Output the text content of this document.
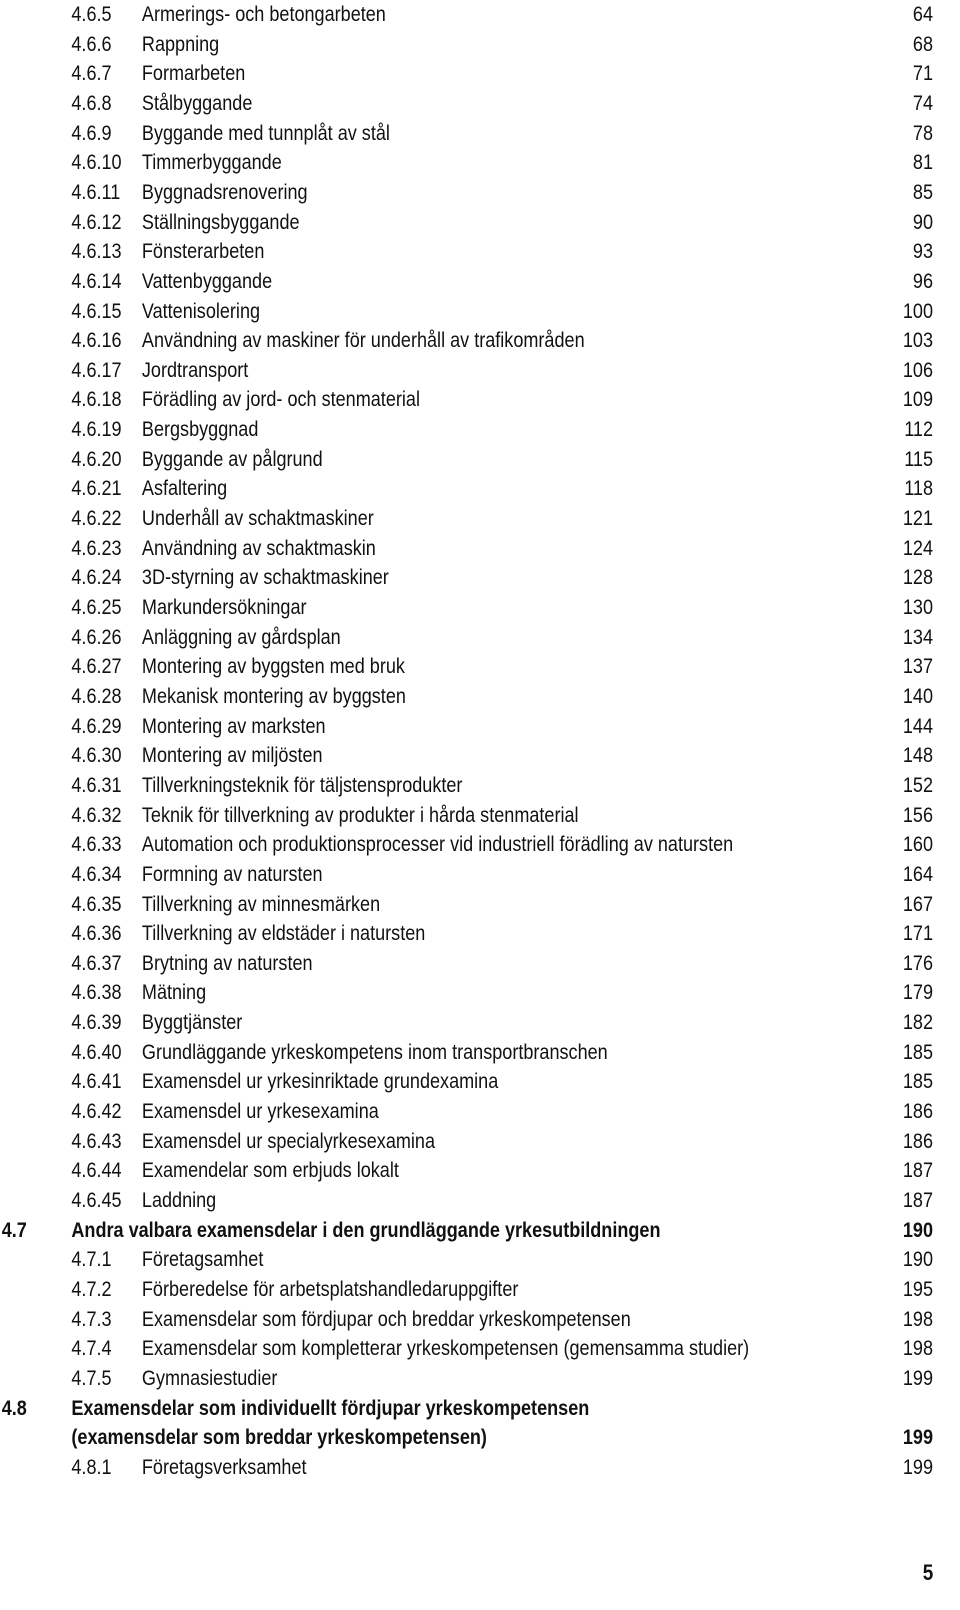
4.6.5 Armerings- och betongarbeten	64
4.6.6 Rappning	68
4.6.7 Formarbeten	71
4.6.8 Stålbyggande	74
4.6.9 Byggande med tunnplåt av stål	78
4.6.10 Timmerbyggande	81
4.6.11 Byggnadsrenovering	85
4.6.12 Ställningsbyggande	90
4.6.13 Fönsterarbeten	93
4.6.14 Vattenbyggande	96
4.6.15 Vattenisolering	100
4.6.16 Användning av maskiner för underhåll av trafikområden	103
4.6.17 Jordtransport	106
4.6.18 Förädling av jord- och stenmaterial	109
4.6.19 Bergsbyggnad	112
4.6.20 Byggande av pålgrund	115
4.6.21 Asfaltering	118
4.6.22 Underhåll av schaktmaskiner	121
4.6.23 Användning av schaktmaskin	124
4.6.24 3D-styrning av schaktmaskiner	128
4.6.25 Markundersökningar	130
4.6.26 Anläggning av gårdsplan	134
4.6.27 Montering av byggsten med bruk	137
4.6.28 Mekanisk montering av byggsten	140
4.6.29 Montering av marksten	144
4.6.30 Montering av miljösten	148
4.6.31 Tillverkningsteknik för täljstensprodukter	152
4.6.32 Teknik för tillverkning av produkter i hårda stenmaterial	156
4.6.33 Automation och produktionsprocesser vid industriell förädling av natursten	160
4.6.34 Formning av natursten	164
4.6.35 Tillverkning av minnesmärken	167
4.6.36 Tillverkning av eldstäder i natursten	171
4.6.37 Brytning av natursten	176
4.6.38 Mätning	179
4.6.39 Byggtjänster	182
4.6.40 Grundläggande yrkeskompetens inom transportbranschen	185
4.6.41 Examensdel ur yrkesinriktade grundexamina	185
4.6.42 Examensdel ur yrkesexamina	186
4.6.43 Examensdel ur specialyrkesexamina	186
4.6.44 Examendelar som erbjuds lokalt	187
4.6.45 Laddning	187
4.7 Andra valbara examensdelar i den grundläggande yrkesutbildningen	190
4.7.1 Företagsamhet	190
4.7.2 Förberedelse för arbetsplatshandledaruppgifter	195
4.7.3 Examensdelar som fördjupar och breddar yrkeskompetensen	198
4.7.4 Examensdelar som kompletterar yrkeskompetensen (gemensamma studier)	198
4.7.5 Gymnasiestudier	199
4.8 Examensdelar som individuellt fördjupar yrkeskompetensen
(examensdelar som breddar yrkeskompetensen)	199
4.8.1 Företagsverksamhet	199
5
